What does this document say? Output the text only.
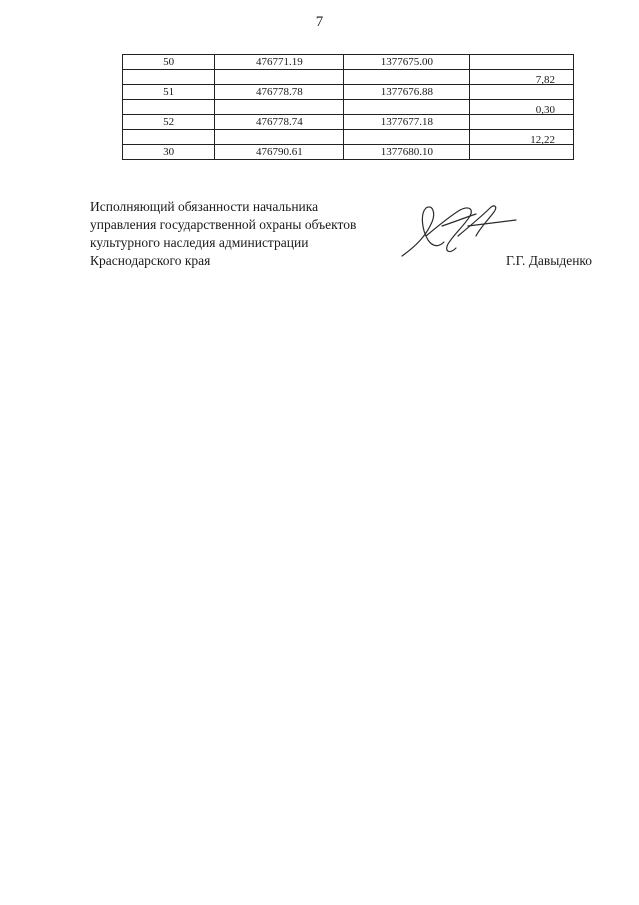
7
50	476771.19	1377675.00	
			7,82
51	476778.78	1377676.88	
			0,30
52	476778.74	1377677.18	
			12,22
30	476790.61	1377680.10	
Исполняющий обязанности начальника
управления государственной охраны объектов
культурного наследия администрации
Краснодарского края	Г.Г. Давыденко
